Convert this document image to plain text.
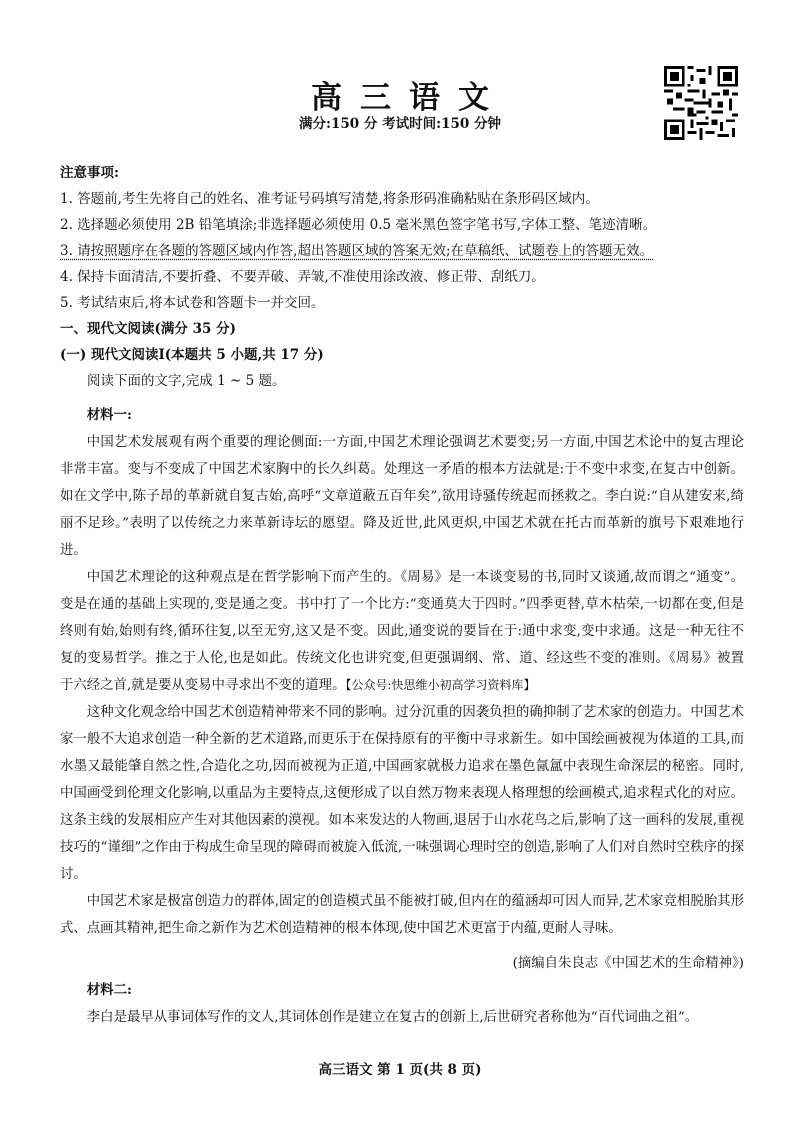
高三语文
满分:150 分 考试时间:150 分钟
注意事项:
1. 答题前,考生先将自己的姓名、准考证号码填写清楚,将条形码准确粘贴在条形码区域内。
2. 选择题必须使用 2B 铅笔填涂;非选择题必须使用 0.5 毫米黑色签字笔书写,字体工整、笔迹清晰。
3. 请按照题序在各题的答题区域内作答,超出答题区域的答案无效;在草稿纸、试题卷上的答题无效。
4. 保持卡面清洁,不要折叠、不要弄破、弄皱,不准使用涂改液、修正带、刮纸刀。
5. 考试结束后,将本试卷和答题卡一并交回。
一、现代文阅读(满分 35 分)
(一) 现代文阅读Ⅰ(本题共 5 小题,共 17 分)
阅读下面的文字,完成 1 ~ 5 题。

材料一:

中国艺术发展观有两个重要的理论侧面:一方面,中国艺术理论强调艺术要变;另一方面,中国艺术论中的复古理论非常丰富。变与不变成了中国艺术家胸中的长久纠葛。处理这一矛盾的根本方法就是:于不变中求变,在复古中创新。如在文学中,陈子昂的革新就自复古始,高呼“文章道蔽五百年矣”,欲用诗骚传统起而拯救之。李白说:“自从建安来,绮丽不足珍。”表明了以传统之力来革新诗坛的愿望。降及近世,此风更炽,中国艺术就在托古而革新的旗号下艰难地行进。

中国艺术理论的这种观点是在哲学影响下而产生的。《周易》是一本谈变易的书,同时又谈通,故而谓之“通变”。变是在通的基础上实现的,变是通之变。书中打了一个比方:“变通莫大于四时。”四季更替,草木枯荣,一切都在变,但是终则有始,始则有终,循环往复,以至无穷,这又是不变。因此,通变说的要旨在于:通中求变,变中求通。这是一种无往不复的变易哲学。推之于人伦,也是如此。传统文化也讲究变,但更强调纲、常、道、经这些不变的准则。《周易》被置于六经之首,就是要从变易中寻求出不变的道理。【公众号:快思维小初高学习资料库】

这种文化观念给中国艺术创造精神带来不同的影响。过分沉重的因袭负担的确抑制了艺术家的创造力。中国艺术家一般不大追求创造一种全新的艺术道路,而更乐于在保持原有的平衡中寻求新生。如中国绘画被视为体道的工具,而水墨又最能肇自然之性,合造化之功,因而被视为正道,中国画家就极力追求在墨色氤氲中表现生命深层的秘密。同时,中国画受到伦理文化影响,以重品为主要特点,这便形成了以自然万物来表现人格理想的绘画模式,追求程式化的对应。这条主线的发展相应产生对其他因素的漠视。如本来发达的人物画,退居于山水花鸟之后,影响了这一画科的发展,重视技巧的“谨细”之作由于构成生命呈现的障碍而被旋入低流,一味强调心理时空的创造,影响了人们对自然时空秩序的探讨。

中国艺术家是极富创造力的群体,固定的创造模式虽不能被打破,但内在的蕴涵却可因人而异,艺术家竞相脱胎其形式、点画其精神,把生命之新作为艺术创造精神的根本体现,使中国艺术更富于内蕴,更耐人寻味。

(摘编自朱良志《中国艺术的生命精神》)

材料二:

李白是最早从事词体写作的文人,其词体创作是建立在复古的创新上,后世研究者称他为“百代词曲之祖”。

高三语文 第 1 页(共 8 页)
